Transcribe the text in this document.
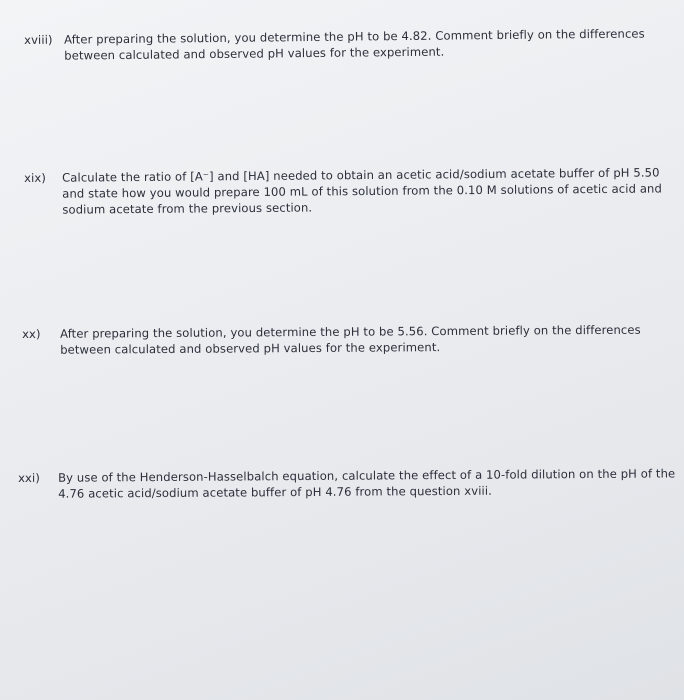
xviii) After preparing the solution, you determine the pH to be 4.82. Comment briefly on the differences between calculated and observed pH values for the experiment.
xix)	Calculate the ratio of [A⁻] and [HA] needed to obtain an acetic acid/sodium acetate buffer of pH 5.50 and state how you would prepare 100 mL of this solution from the 0.10 M solutions of acetic acid and sodium acetate from the previous section.
xx)	After preparing the solution, you determine the pH to be 5.56. Comment briefly on the differences between calculated and observed pH values for the experiment.
xxi)	By use of the Henderson-Hasselbalch equation, calculate the effect of a 10-fold dilution on the pH of the 4.76 acetic acid/sodium acetate buffer of pH 4.76 from the question xviii.
